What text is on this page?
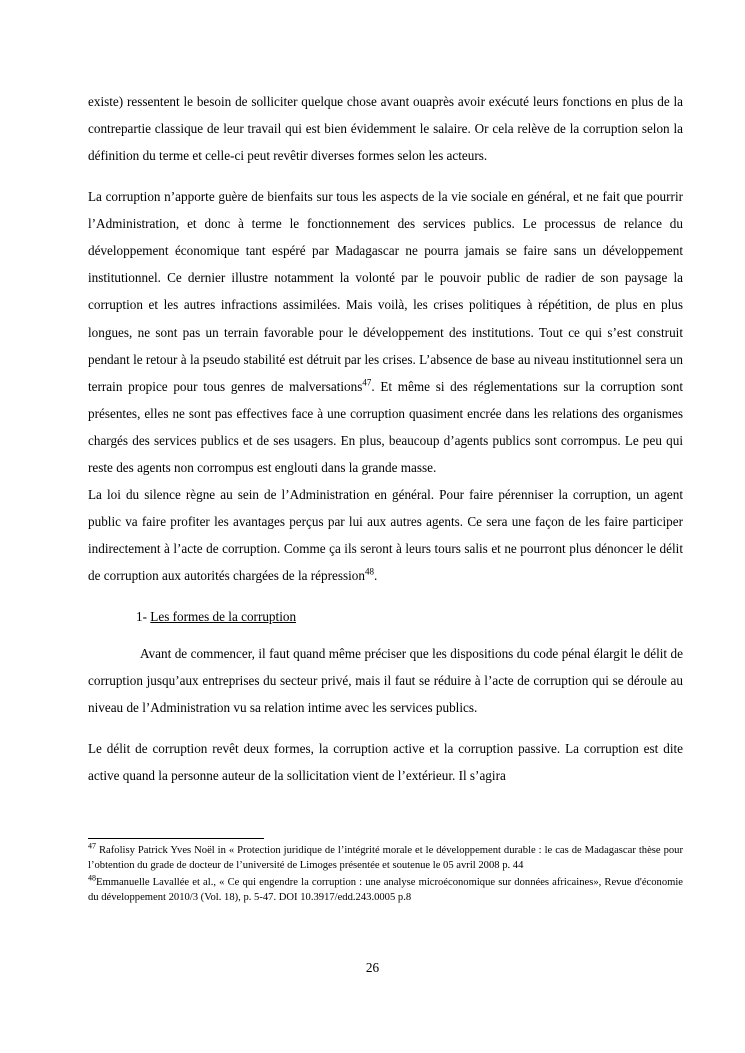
existe) ressentent le besoin de solliciter quelque chose avant ouaprès avoir exécuté leurs fonctions en plus de la contrepartie classique de leur travail qui est bien évidemment le salaire. Or cela relève de la corruption selon la définition du terme et celle-ci peut revêtir diverses formes selon les acteurs.

La corruption n’apporte guère de bienfaits sur tous les aspects de la vie sociale en général, et ne fait que pourrir l’Administration, et donc à terme le fonctionnement des services publics. Le processus de relance du développement économique tant espéré par Madagascar ne pourra jamais se faire sans un développement institutionnel. Ce dernier illustre notamment la volonté par le pouvoir public de radier de son paysage la corruption et les autres infractions assimilées. Mais voilà, les crises politiques à répétition, de plus en plus longues, ne sont pas un terrain favorable pour le développement des institutions. Tout ce qui s’est construit pendant le retour à la pseudo stabilité est détruit par les crises. L’absence de base au niveau institutionnel sera un terrain propice pour tous genres de malversations$^{47}$. Et même si des réglementations sur la corruption sont présentes, elles ne sont pas effectives face à une corruption quasiment encrée dans les relations des organismes chargés des services publics et de ses usagers. En plus, beaucoup d’agents publics sont corrompus. Le peu qui reste des agents non corrompus est englouti dans la grande masse.

La loi du silence règne au sein de l’Administration en général. Pour faire pérenniser la corruption, un agent public va faire profiter les avantages perçus par lui aux autres agents. Ce sera une façon de les faire participer indirectement à l’acte de corruption. Comme ça ils seront à leurs tours salis et ne pourront plus dénoncer le délit de corruption aux autorités chargées de la répression$^{48}$.

1- Les formes de la corruption

Avant de commencer, il faut quand même préciser que les dispositions du code pénal élargit le délit de corruption jusqu’aux entreprises du secteur privé, mais il faut se réduire à l’acte de corruption qui se déroule au niveau de l’Administration vu sa relation intime avec les services publics.

Le délit de corruption revêt deux formes, la corruption active et la corruption passive. La corruption est dite active quand la personne auteur de la sollicitation vient de l’extérieur. Il s’agira

$^{47}$ Rafolisy Patrick Yves Noël in « Protection juridique de l’intégrité morale et le développement durable : le cas de Madagascar thèse pour l’obtention du grade de docteur de l’université de Limoges présentée et soutenue le 05 avril 2008 p. 44

$^{48}$Emmanuelle Lavallée et al., « Ce qui engendre la corruption : une analyse microéconomique sur données africaines», Revue d'économie du développement 2010/3 (Vol. 18), p. 5-47. DOI 10.3917/edd.243.0005 p.8

26
